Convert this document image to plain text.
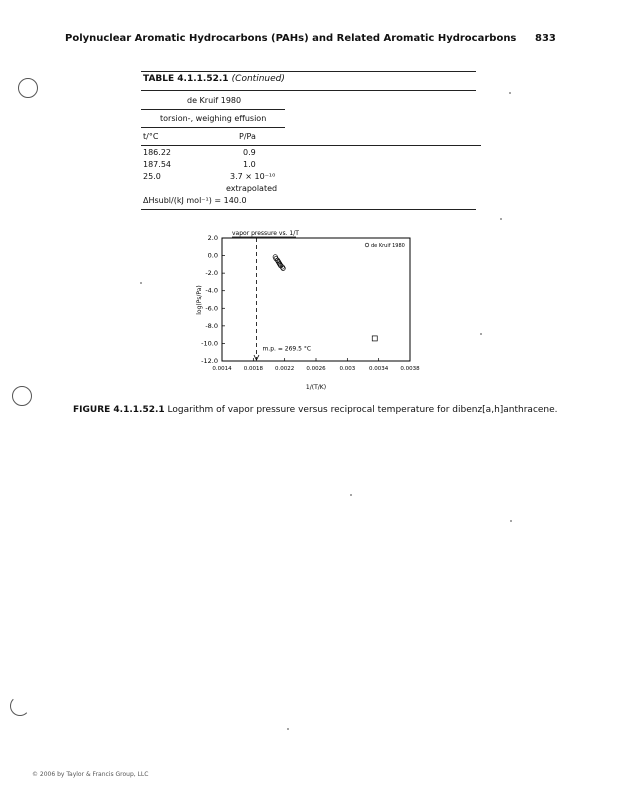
Polynuclear Aromatic Hydrocarbons (PAHs) and Related Aromatic Hydrocarbons 833
TABLE 4.1.1.52.1 (Continued)
de Kruif 1980
torsion-, weighing effusion
t/°C	P/Pa
186.22	0.9
187.54	1.0
25.0	3.7 × 10⁻¹⁰
extrapolated
ΔHsubl/(kJ mol⁻¹) = 140.0
vapor pressure vs. 1/T
2.0
0.0
-2.0
-4.0
-6.0
-8.0
-10.0
-12.0
0.0014 0.0018 0.0022 0.0026	0.003	0.0034 0.0038
m.p. = 269.5 °C
de Kruif 1980
log(Ps/Pa)
1/(T/K)
FIGURE 4.1.1.52.1 Logarithm of vapor pressure versus reciprocal temperature for dibenz[a,h]anthracene.
© 2006 by Taylor & Francis Group, LLC
